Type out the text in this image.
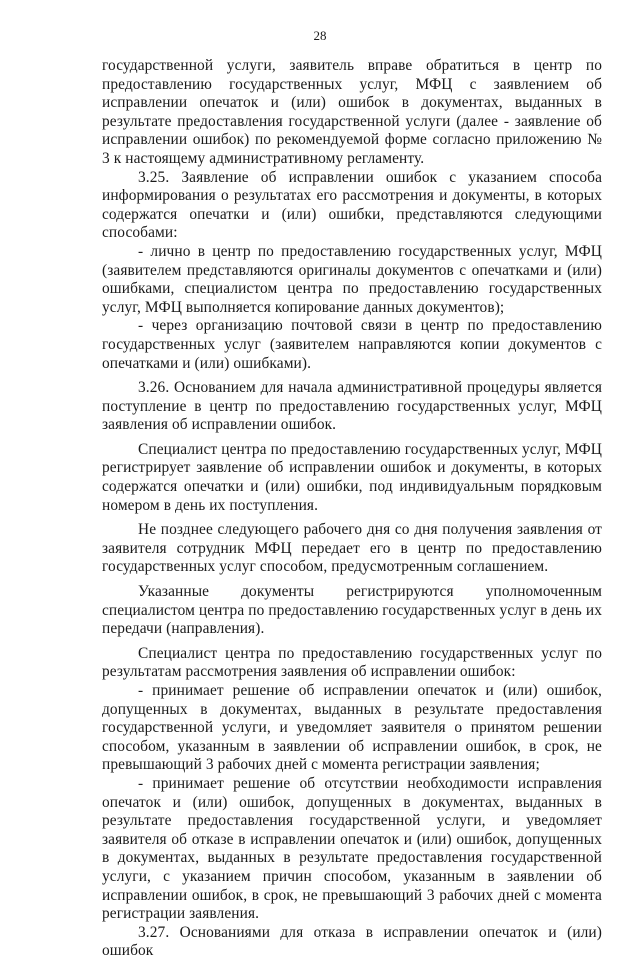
28

государственной услуги, заявитель вправе обратиться в центр по предоставлению государственных услуг, МФЦ с заявлением об исправлении опечаток и (или) ошибок в документах, выданных в результате предоставления государственной услуги (далее - заявление об исправлении ошибок) по рекомендуемой форме согласно приложению № 3 к настоящему административному регламенту.

3.25. Заявление об исправлении ошибок с указанием способа информирования о результатах его рассмотрения и документы, в которых содержатся опечатки и (или) ошибки, представляются следующими способами:

- лично в центр по предоставлению государственных услуг, МФЦ (заявителем представляются оригиналы документов с опечатками и (или) ошибками, специалистом центра по предоставлению государственных услуг, МФЦ выполняется копирование данных документов);

- через организацию почтовой связи в центр по предоставлению государственных услуг (заявителем направляются копии документов с опечатками и (или) ошибками).

3.26. Основанием для начала административной процедуры является поступление в центр по предоставлению государственных услуг, МФЦ заявления об исправлении ошибок.

Специалист центра по предоставлению государственных услуг, МФЦ регистрирует заявление об исправлении ошибок и документы, в которых содержатся опечатки и (или) ошибки, под индивидуальным порядковым номером в день их поступления.

Не позднее следующего рабочего дня со дня получения заявления от заявителя сотрудник МФЦ передает его в центр по предоставлению государственных услуг способом, предусмотренным соглашением.

Указанные документы регистрируются уполномоченным специалистом центра по предоставлению государственных услуг в день их передачи (направления).

Специалист центра по предоставлению государственных услуг по результатам рассмотрения заявления об исправлении ошибок:

- принимает решение об исправлении опечаток и (или) ошибок, допущенных в документах, выданных в результате предоставления государственной услуги, и уведомляет заявителя о принятом решении способом, указанным в заявлении об исправлении ошибок, в срок, не превышающий 3 рабочих дней с момента регистрации заявления;

- принимает решение об отсутствии необходимости исправления опечаток и (или) ошибок, допущенных в документах, выданных в результате предоставления государственной услуги, и уведомляет заявителя об отказе в исправлении опечаток и (или) ошибок, допущенных в документах, выданных в результате предоставления государственной услуги, с указанием причин способом, указанным в заявлении об исправлении ошибок, в срок, не превышающий 3 рабочих дней с момента регистрации заявления.

3.27. Основаниями для отказа в исправлении опечаток и (или) ошибок
